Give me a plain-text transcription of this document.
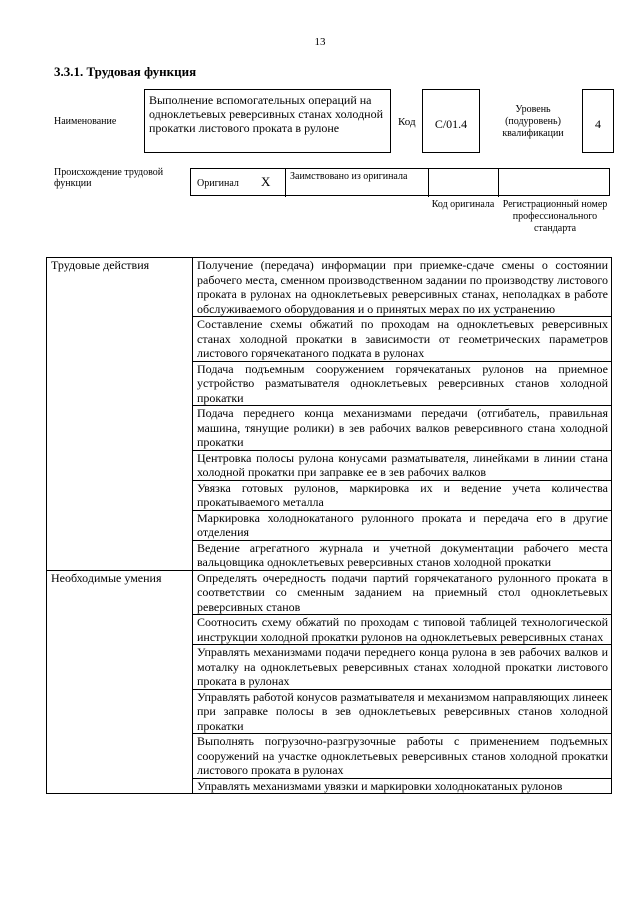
13
3.3.1. Трудовая функция
Наименование
Выполнение вспомогательных операций на одноклетьевых реверсивных станах холодной прокатки листового проката в рулоне	Код	С/01.4
Уровень (подуровень) квалификации
4
Происхождение трудовой функции	Оригинал X Заимствовано из оригинала
Код оригинала Регистрационный номер профессионального стандарта
Трудовые действия	Получение (передача) информации при приемке-сдаче смены о состоянии рабочего места, сменном производственном задании по производству листового проката в рулонах на одноклетьевых реверсивных станах, неполадках в работе обслуживаемого оборудования и о принятых мерах по их устранению
	Составление схемы обжатий по проходам на одноклетьевых реверсивных станах холодной прокатки в зависимости от геометрических параметров листового горячекатаного подката в рулонах
	Подача подъемным сооружением горячекатаных рулонов на приемное устройство разматывателя одноклетьевых реверсивных станов холодной прокатки
	Подача переднего конца механизмами передачи (отгибатель, правильная машина, тянущие ролики) в зев рабочих валков реверсивного стана холодной прокатки
	Центровка полосы рулона конусами разматывателя, линейками в линии стана холодной прокатки при заправке ее в зев рабочих валков
	Увязка готовых рулонов, маркировка их и ведение учета количества прокатываемого металла
	Маркировка холоднокатаного рулонного проката и передача его в другие отделения
	Ведение агрегатного журнала и учетной документации рабочего места вальцовщика одноклетьевых реверсивных станов холодной прокатки
Необходимые умения	Определять очередность подачи партий горячекатаного рулонного проката в соответствии со сменным заданием на приемный стол одноклетьевых реверсивных станов
	Соотносить схему обжатий по проходам с типовой таблицей технологической инструкции холодной прокатки рулонов на одноклетьевых реверсивных станах
	Управлять механизмами подачи переднего конца рулона в зев рабочих валков и моталку на одноклетьевых реверсивных станах холодной прокатки листового проката в рулонах
	Управлять работой конусов разматывателя и механизмом направляющих линеек при заправке полосы в зев одноклетьевых реверсивных станов холодной прокатки
	Выполнять погрузочно-разгрузочные работы с применением подъемных сооружений на участке одноклетьевых реверсивных станов холодной прокатки листового проката в рулонах
	Управлять механизмами увязки и маркировки холоднокатаных рулонов
